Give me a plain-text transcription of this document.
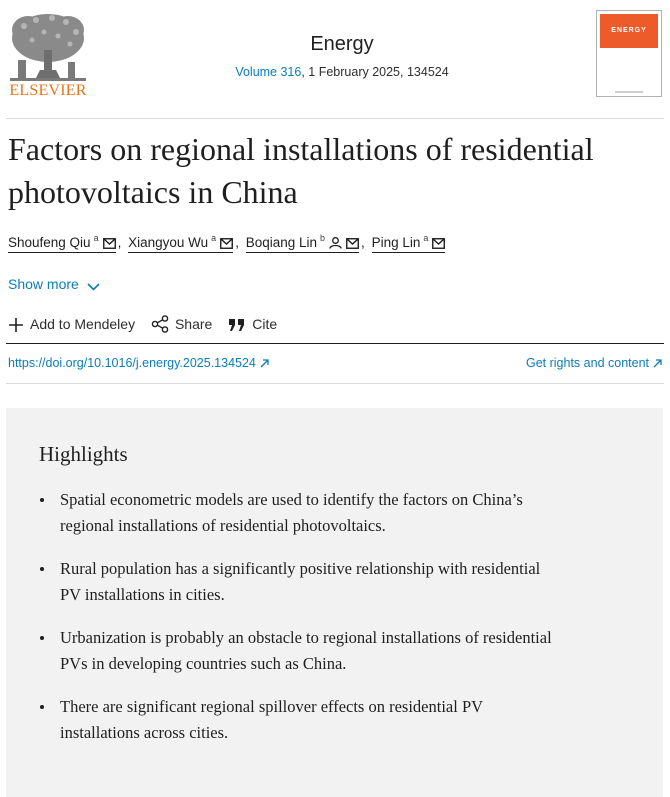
ELSEVIER
Energy
Volume 316, 1 February 2025, 134524
ENERGY
Factors on regional installations of residential photovoltaics in China
Shoufeng Qiu $^a$ , Xiangyou Wu $^a$ , Boqiang Lin $^b$	, Ping Lin $^a$
Show more
Add to Mendeley	Share	Cite
https://doi.org/10.1016/j.energy.2025.134524	Get rights and content
Highlights
Spatial econometric models are used to identify the factors on China’s regional installations of residential photovoltaics.
Rural population has a significantly positive relationship with residential PV installations in cities.
Urbanization is probably an obstacle to regional installations of residential PVs in developing countries such as China.
There are significant regional spillover effects on residential PV installations across cities.
